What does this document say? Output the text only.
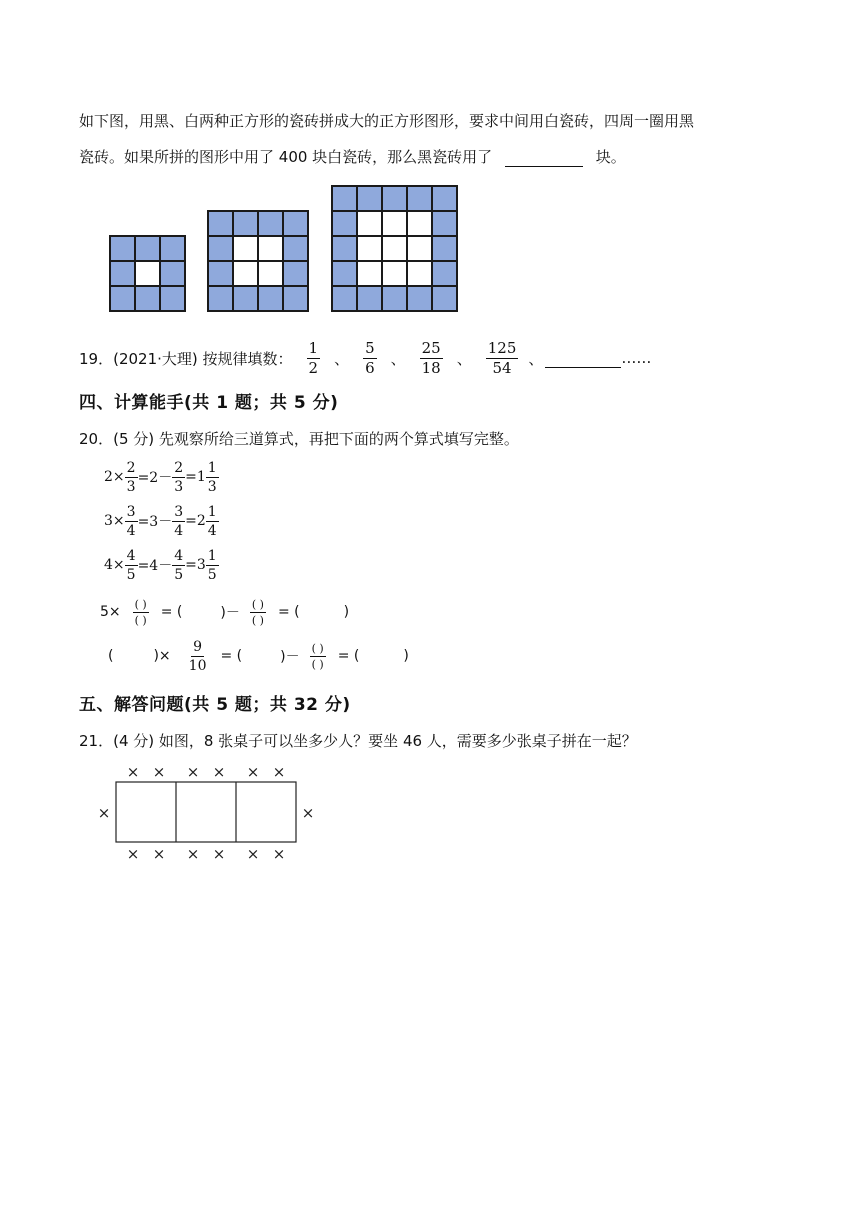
如下图，用黑、白两种正方形的瓷砖拼成大的正方形图形，要求中间用白瓷砖，四周一圈用黑
瓷砖。如果所拼的图形中用了 400 块白瓷砖，那么黑瓷砖用了	块。
19．(2021·大理) 按规律填数： $\frac{1}{2}$ 、 $\frac{5}{6}$ 、 $\frac{25}{18}$ 、 $\frac{125}{54}$ 、
	……
四、计算能手(共 1 题；共 5 分)
20．(5 分) 先观察所给三道算式，再把下面的两个算式填写完整。
$2\times \frac{2}{3} =2- \frac{2}{3} =1 \frac{1}{3}$
$3\times \frac{3}{4} =3- \frac{3}{4} =2 \frac{1}{4}$
$4\times \frac{4}{5} =4- \frac{4}{5} =3 \frac{1}{5}$
$5\times \frac{( )}{( )}$ = (
	)－ $\frac{( )}{( )}$ = (
	)
(
	)× $\frac{9}{10}$ = (
	)－ $\frac{( )}{( )}$ = (
	)
五、解答问题(共 5 题；共 32 分)
21．(4 分) 如图，8 张桌子可以坐多少人？要坐 46 人，需要多少张桌子拼在一起？
× ×
× ×
× ×
× ×
× ×
× ×
×	×
